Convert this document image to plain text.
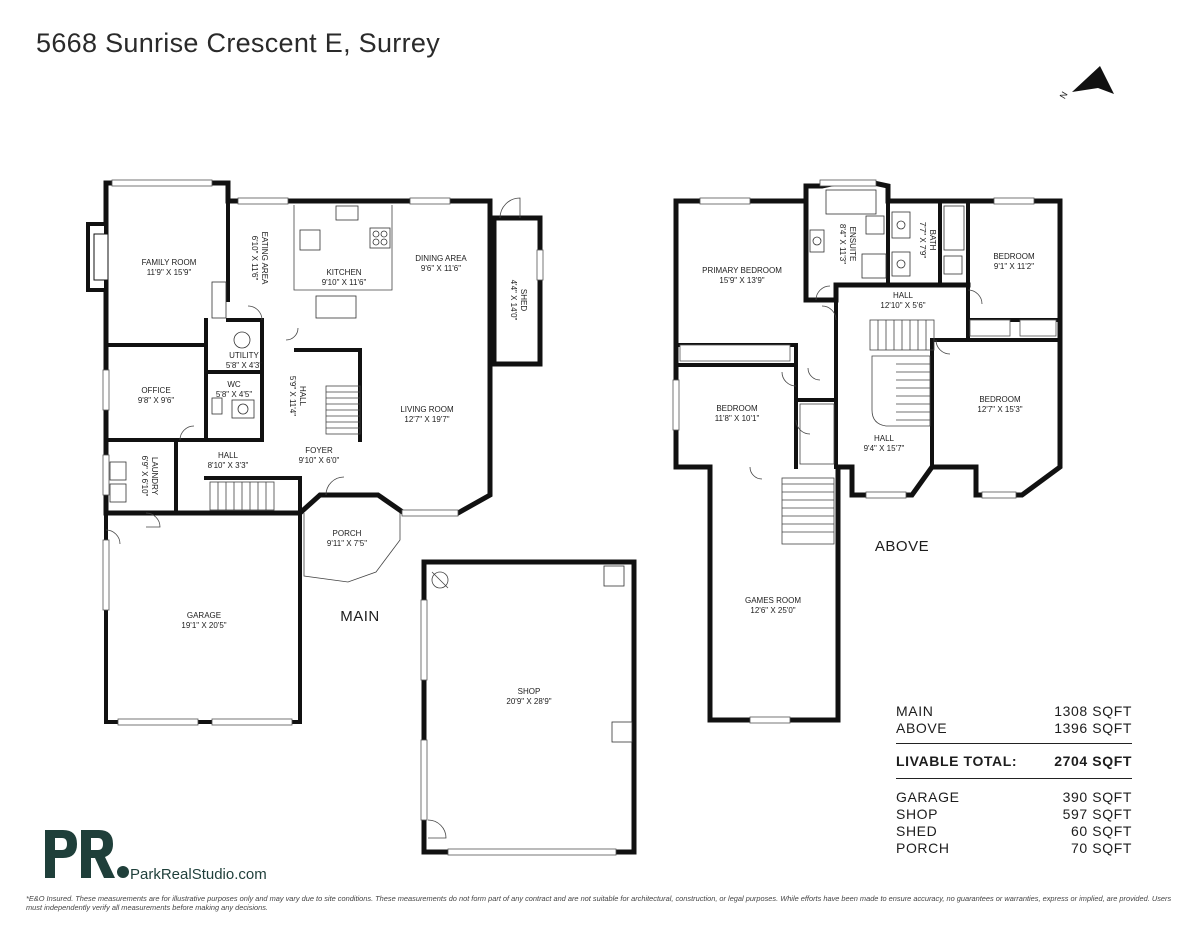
5668 Sunrise Crescent E, Surrey
N
FAMILY ROOM
11'9" X 15'9"	EATING AREA
6'10" X 11'6"	KITCHEN
9'10" X 11'6"
DINING AREA
9'6" X 11'6"
SHED
4'4" X 14'0"
UTILITY
5'8" X 4'3"
WC
5'8" X 4'5"
OFFICE
9'8" X 9'6"	HALL
5'9" X 11'4"	LIVING ROOM
12'7" X 19'7"
LAUNDRY
6'9" X 6'10"
HALL
8'10" X 3'3"
FOYER
9'10" X 6'0"
PORCH
9'11" X 7'5"
GARAGE
19'1" X 20'5"
SHOP
20'9" X 28'9"
MAIN
PRIMARY BEDROOM
15'9" X 13'9"
ENSUITE
8'4" X 11'3"	BATH
7'7" X 7'9"	BEDROOM
9'1" X 11'2"
HALL
12'10" X 5'6"
BEDROOM
11'8" X 10'1"
BEDROOM
12'7" X 15'3"
HALL
9'4" X 15'7"
GAMES ROOM
12'6" X 25'0"
ABOVE
MAIN	1308 SQFT
ABOVE	1396 SQFT
LIVABLE TOTAL:	2704 SQFT
GARAGE	390 SQFT
SHOP	597 SQFT
SHED	60 SQFT
PORCH	70 SQFT
ParkRealStudio.com
*E&O Insured. These measurements are for illustrative purposes only and may vary due to site conditions. These measurements do not form part of any contract and are not suitable for architectural, construction, or legal purposes. While efforts have been made to ensure accuracy, no guarantees or warranties, express or implied, are provided. Users must independently verify all measurements before making any decisions.
